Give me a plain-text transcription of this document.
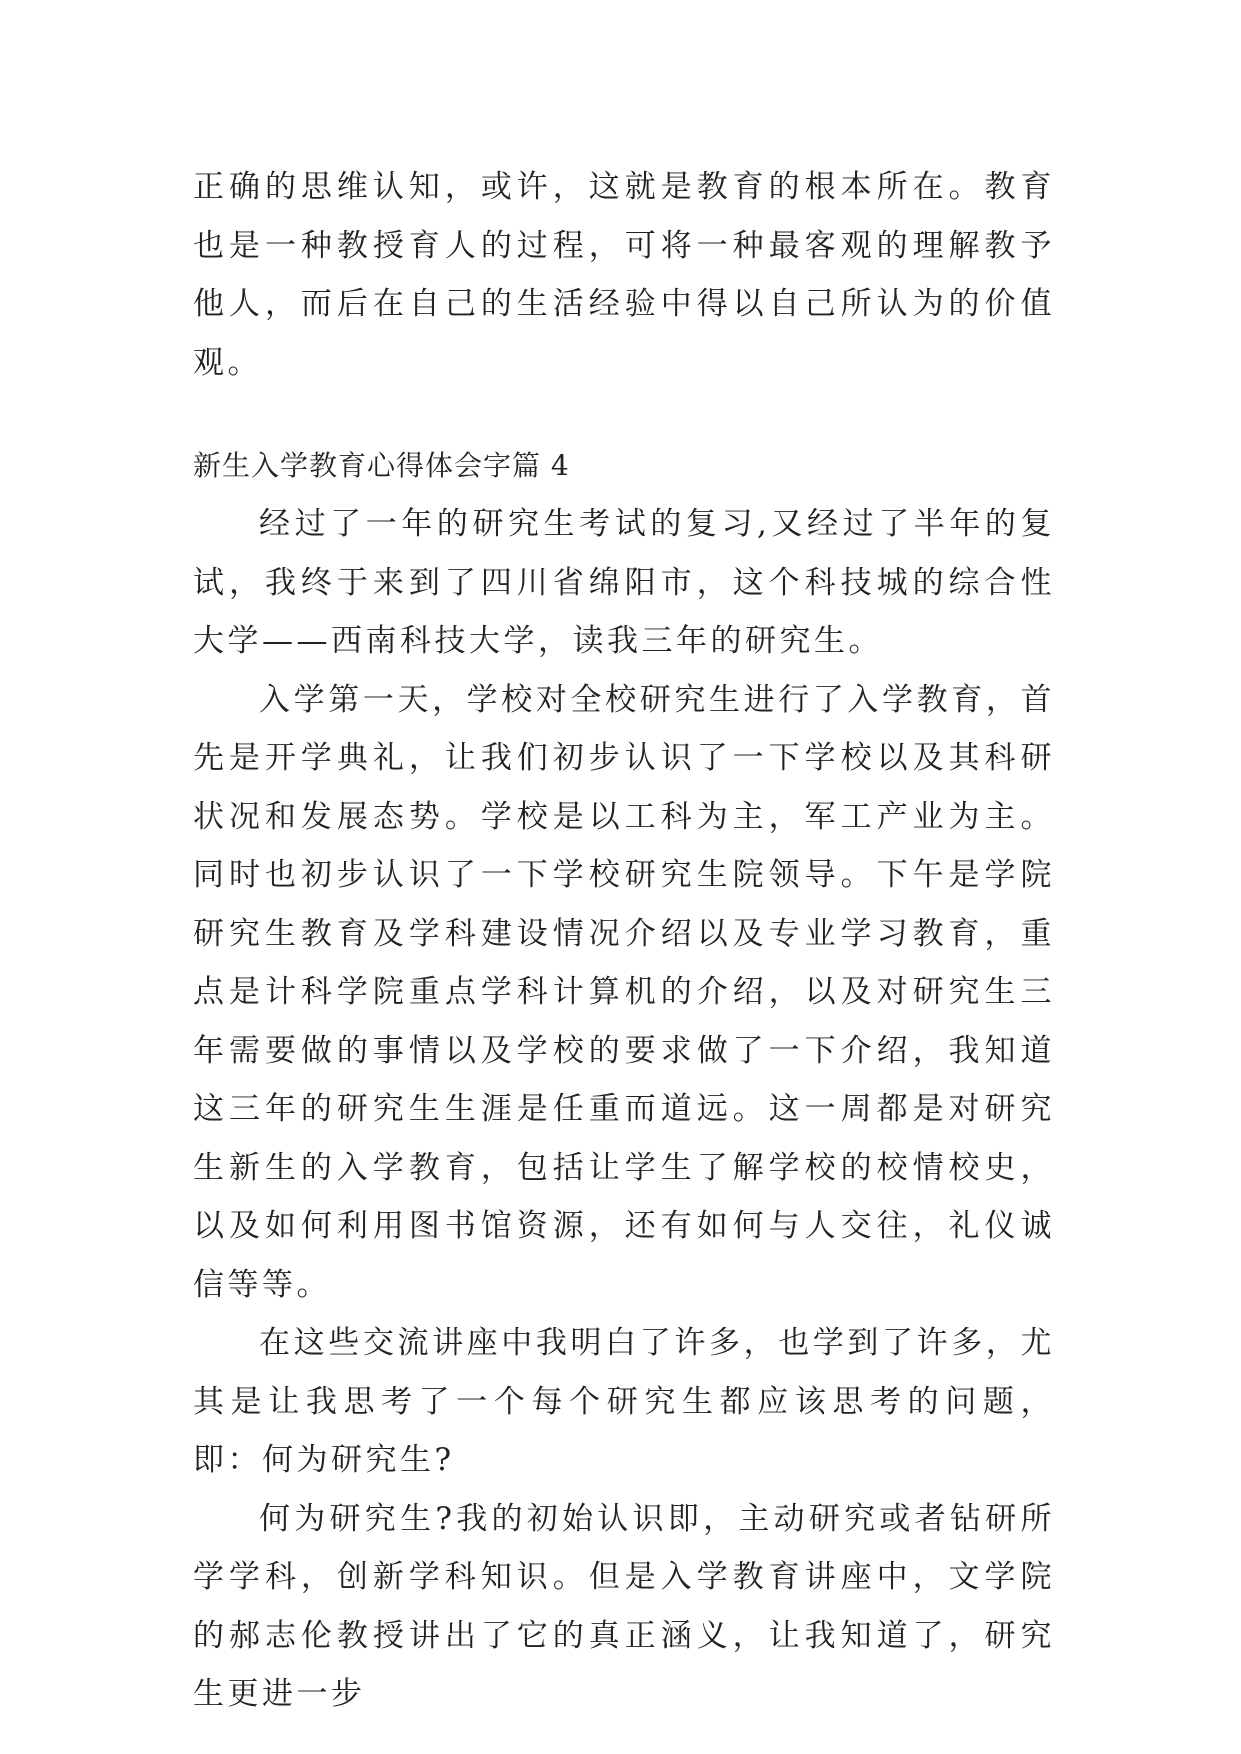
正确的思维认知，或许，这就是教育的根本所在。教育也是一种教授育人的过程，可将一种最客观的理解教予他人，而后在自己的生活经验中得以自己所认为的价值观。

新生入学教育心得体会字篇 4

经过了一年的研究生考试的复习,又经过了半年的复试，我终于来到了四川省绵阳市，这个科技城的综合性大学——西南科技大学，读我三年的研究生。

入学第一天，学校对全校研究生进行了入学教育，首先是开学典礼，让我们初步认识了一下学校以及其科研状况和发展态势。学校是以工科为主，军工产业为主。同时也初步认识了一下学校研究生院领导。下午是学院研究生教育及学科建设情况介绍以及专业学习教育，重点是计科学院重点学科计算机的介绍，以及对研究生三年需要做的事情以及学校的要求做了一下介绍，我知道这三年的研究生生涯是任重而道远。这一周都是对研究生新生的入学教育，包括让学生了解学校的校情校史，以及如何利用图书馆资源，还有如何与人交往，礼仪诚信等等。

在这些交流讲座中我明白了许多，也学到了许多，尤其是让我思考了一个每个研究生都应该思考的问题，即：何为研究生?

何为研究生?我的初始认识即，主动研究或者钻研所学学科，创新学科知识。但是入学教育讲座中，文学院的郝志伦教授讲出了它的真正涵义，让我知道了，研究生更进一步
